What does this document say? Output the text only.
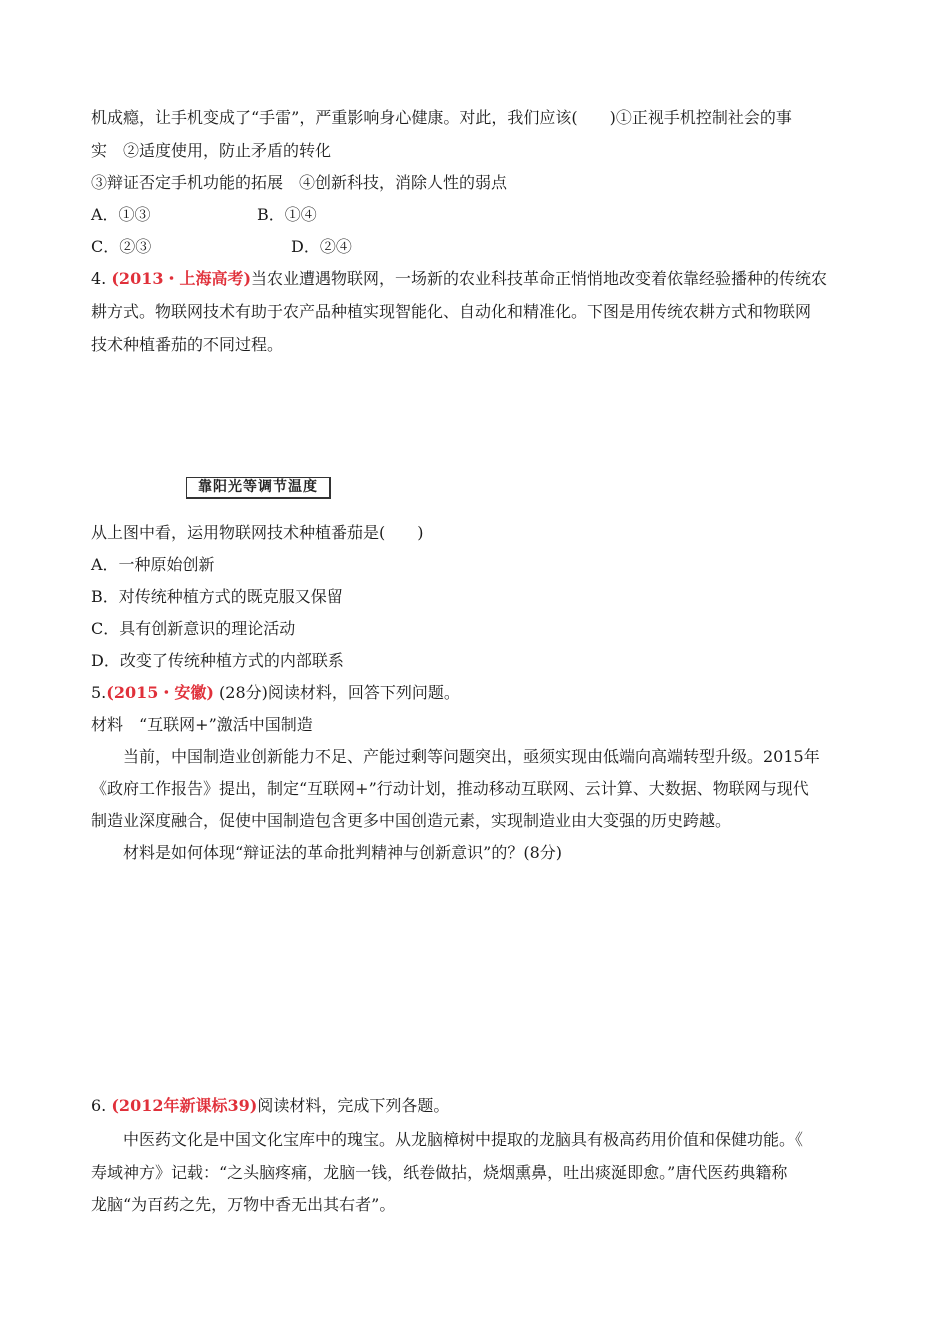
机成瘾，让手机变成了“手雷”，严重影响身心健康。对此，我们应该(　　)①正视手机控制社会的事
实　②适度使用，防止矛盾的转化
③辩证否定手机功能的拓展　④创新科技，消除人性的弱点
A．①③	B．①④
C．②③	D．②④
4. (2013・上海高考)当农业遭遇物联网，一场新的农业科技革命正悄悄地改变着依靠经验播种的传统农
耕方式。物联网技术有助于农产品种植实现智能化、自动化和精准化。下图是用传统农耕方式和物联网
技术种植番茄的不同过程。
靠阳光等调节温度
从上图中看，运用物联网技术种植番茄是(　　)
A．一种原始创新
B．对传统种植方式的既克服又保留
C．具有创新意识的理论活动
D．改变了传统种植方式的内部联系
5.(2015・安徽) (28分)阅读材料，回答下列问题。
材料　“互联网+”激活中国制造
当前，中国制造业创新能力不足、产能过剩等问题突出，亟须实现由低端向高端转型升级。2015年
《政府工作报告》提出，制定“互联网+”行动计划，推动移动互联网、云计算、大数据、物联网与现代
制造业深度融合，促使中国制造包含更多中国创造元素，实现制造业由大变强的历史跨越。
材料是如何体现“辩证法的革命批判精神与创新意识”的？(8分)
6. (2012年新课标39)阅读材料，完成下列各题。
中医药文化是中国文化宝库中的瑰宝。从龙脑樟树中提取的龙脑具有极高药用价值和保健功能。《
寿域神方》记载：“之头脑疼痛，龙脑一钱，纸卷做拈，烧烟熏鼻，吐出痰涎即愈。”唐代医药典籍称
龙脑“为百药之先，万物中香无出其右者”。
